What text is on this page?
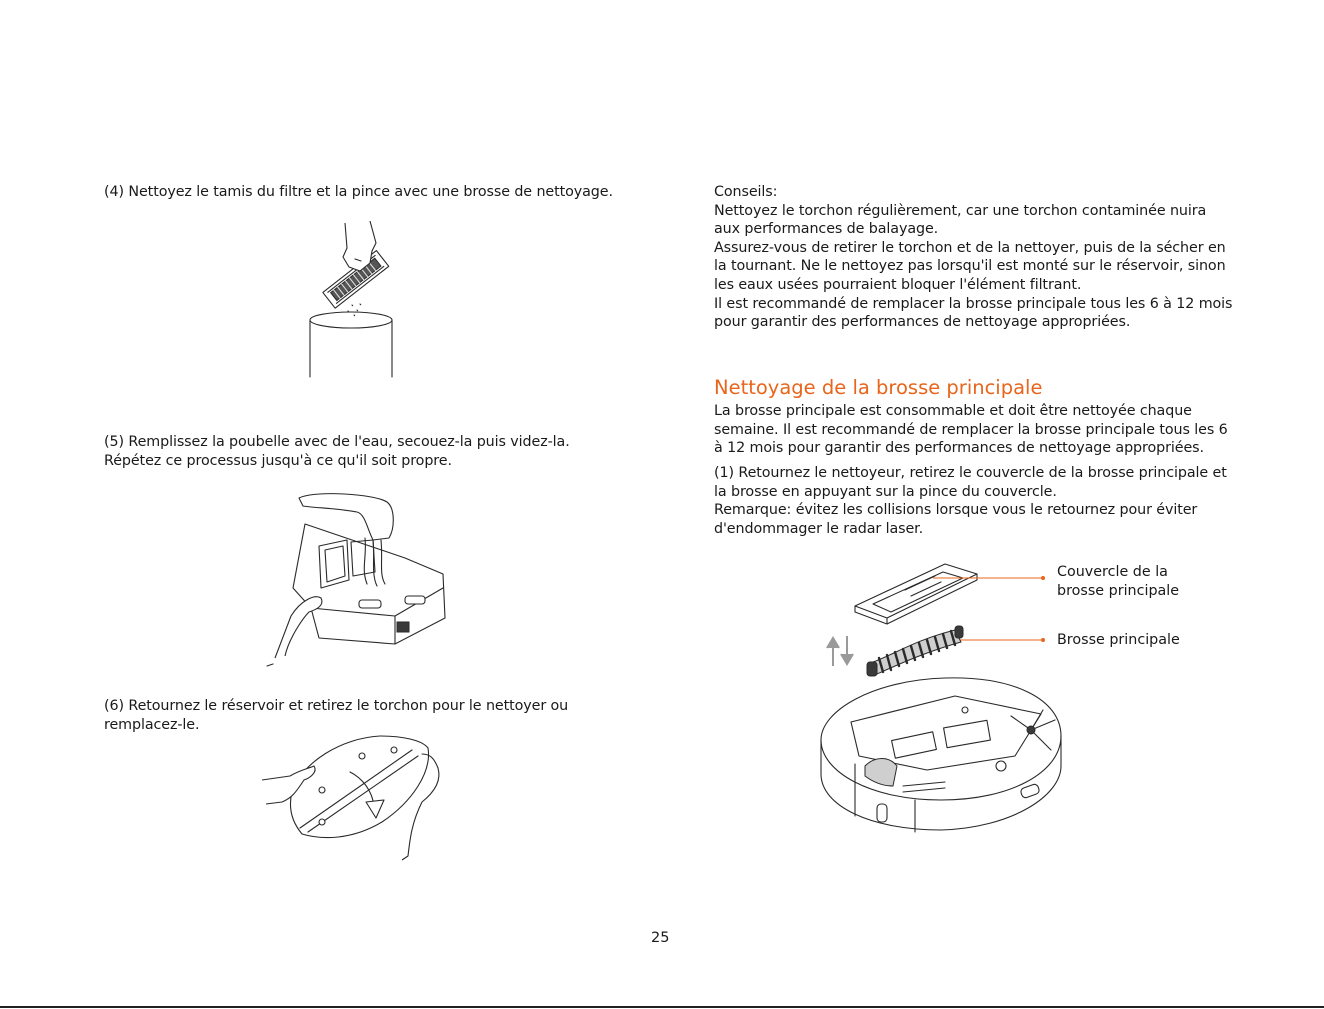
(4) Nettoyez le tamis du filtre et la pince avec une brosse de nettoyage.
(5) Remplissez la poubelle avec de l'eau, secouez-la puis videz-la.
Répétez ce processus jusqu'à ce qu'il soit propre.
(6) Retournez le réservoir et retirez le torchon pour le nettoyer ou
remplacez-le.
Conseils:
Nettoyez le torchon régulièrement, car une torchon contaminée nuira
aux performances de balayage.
Assurez-vous de retirer le torchon et de la nettoyer, puis de la sécher en
la tournant. Ne le nettoyez pas lorsqu'il est monté sur le réservoir, sinon
les eaux usées pourraient bloquer l'élément filtrant.
Il est recommandé de remplacer la brosse principale tous les 6 à 12 mois
pour garantir des performances de nettoyage appropriées.
Nettoyage de la brosse principale
La brosse principale est consommable et doit être nettoyée chaque
semaine. Il est recommandé de remplacer la brosse principale tous les 6
à 12 mois pour garantir des performances de nettoyage appropriées.
(1) Retournez le nettoyeur, retirez le couvercle de la brosse principale et
la brosse en appuyant sur la pince du couvercle.
Remarque: évitez les collisions lorsque vous le retournez pour éviter
d'endommager le radar laser.
Couvercle de la
brosse principale
Brosse principale
25
